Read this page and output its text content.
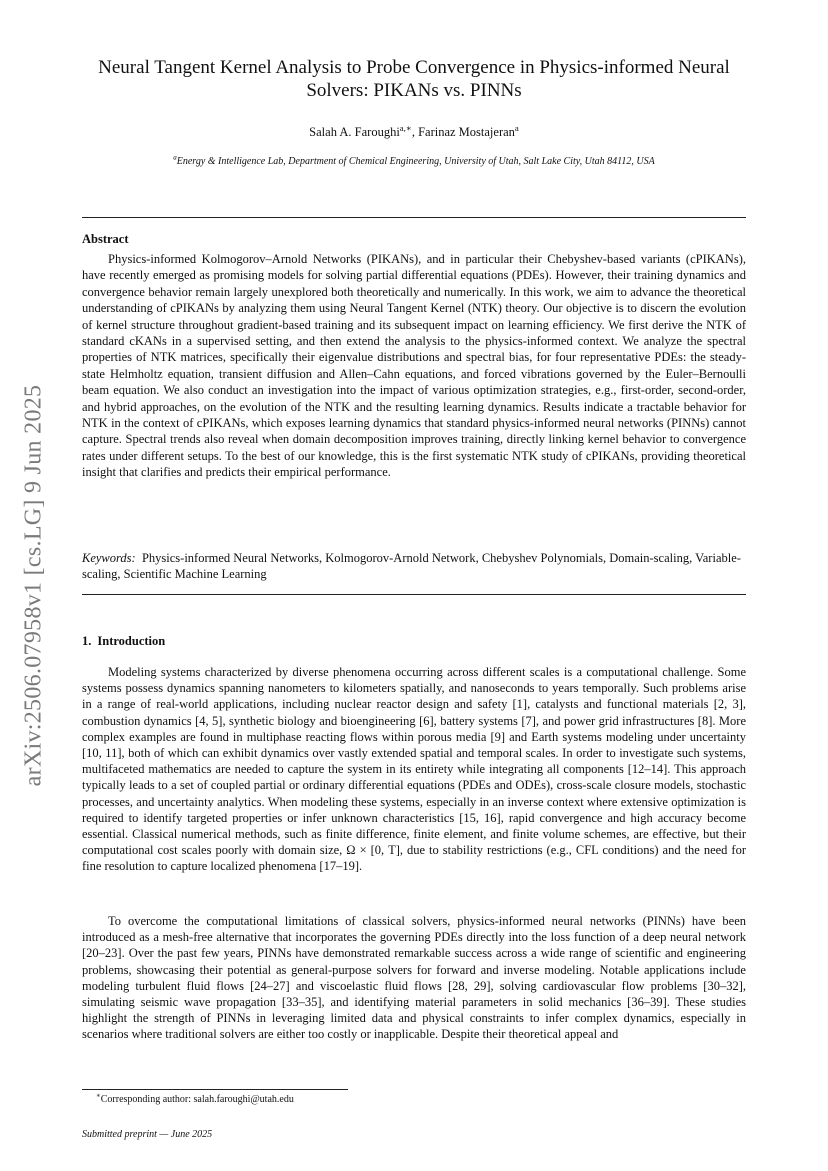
arXiv:2506.07958v1 [cs.LG] 9 Jun 2025
Neural Tangent Kernel Analysis to Probe Convergence in Physics-informed Neural Solvers: PIKANs vs. PINNs
Salah A. Faroughi$^{a,∗}$, Farinaz Mostajeran$^a$
$^a$Energy & Intelligence Lab, Department of Chemical Engineering, University of Utah, Salt Lake City, Utah 84112, USA
Abstract

Physics-informed Kolmogorov–Arnold Networks (PIKANs), and in particular their Chebyshev-based variants (cPIKANs), have recently emerged as promising models for solving partial differential equations (PDEs). However, their training dynamics and convergence behavior remain largely unexplored both theoretically and numerically. In this work, we aim to advance the theoretical understanding of cPIKANs by analyzing them using Neural Tangent Kernel (NTK) theory. Our objective is to discern the evolution of kernel structure throughout gradient-based training and its subsequent impact on learning efficiency. We first derive the NTK of standard cKANs in a supervised setting, and then extend the analysis to the physics-informed context. We analyze the spectral properties of NTK matrices, specifically their eigenvalue distributions and spectral bias, for four representative PDEs: the steady-state Helmholtz equation, transient diffusion and Allen–Cahn equations, and forced vibrations governed by the Euler–Bernoulli beam equation. We also conduct an investigation into the impact of various optimization strategies, e.g., first-order, second-order, and hybrid approaches, on the evolution of the NTK and the resulting learning dynamics. Results indicate a tractable behavior for NTK in the context of cPIKANs, which exposes learning dynamics that standard physics-informed neural networks (PINNs) cannot capture. Spectral trends also reveal when domain decomposition improves training, directly linking kernel behavior to convergence rates under different setups. To the best of our knowledge, this is the first systematic NTK study of cPIKANs, providing theoretical insight that clarifies and predicts their empirical performance.

Keywords: Physics-informed Neural Networks, Kolmogorov-Arnold Network, Chebyshev Polynomials, Domain-scaling, Variable-scaling, Scientific Machine Learning

1. Introduction

Modeling systems characterized by diverse phenomena occurring across different scales is a computational challenge. Some systems possess dynamics spanning nanometers to kilometers spatially, and nanoseconds to years temporally. Such problems arise in a range of real-world applications, including nuclear reactor design and safety [1], catalysts and functional materials [2, 3], combustion dynamics [4, 5], synthetic biology and bioengineering [6], battery systems [7], and power grid infrastructures [8]. More complex examples are found in multiphase reacting flows within porous media [9] and Earth systems modeling under uncertainty [10, 11], both of which can exhibit dynamics over vastly extended spatial and temporal scales. In order to investigate such systems, multifaceted mathematics are needed to capture the system in its entirety while integrating all components [12–14]. This approach typically leads to a set of coupled partial or ordinary differential equations (PDEs and ODEs), cross-scale closure models, stochastic processes, and uncertainty analytics. When modeling these systems, especially in an inverse context where extensive optimization is required to identify targeted properties or infer unknown characteristics [15, 16], rapid convergence and high accuracy become essential. Classical numerical methods, such as finite difference, finite element, and finite volume schemes, are effective, but their computational cost scales poorly with domain size, Ω × [0, T], due to stability restrictions (e.g., CFL conditions) and the need for fine resolution to capture localized phenomena [17–19].

To overcome the computational limitations of classical solvers, physics-informed neural networks (PINNs) have been introduced as a mesh-free alternative that incorporates the governing PDEs directly into the loss function of a deep neural network [20–23]. Over the past few years, PINNs have demonstrated remarkable success across a wide range of scientific and engineering problems, showcasing their potential as general-purpose solvers for forward and inverse modeling. Notable applications include modeling turbulent fluid flows [24–27] and viscoelastic fluid flows [28, 29], solving cardiovascular flow problems [30–32], simulating seismic wave propagation [33–35], and identifying material parameters in solid mechanics [36–39]. These studies highlight the strength of PINNs in leveraging limited data and physical constraints to infer complex dynamics, especially in scenarios where traditional solvers are either too costly or inapplicable. Despite their theoretical appeal and

∗Corresponding author: salah.faroughi@utah.edu
Submitted preprint — June 2025
